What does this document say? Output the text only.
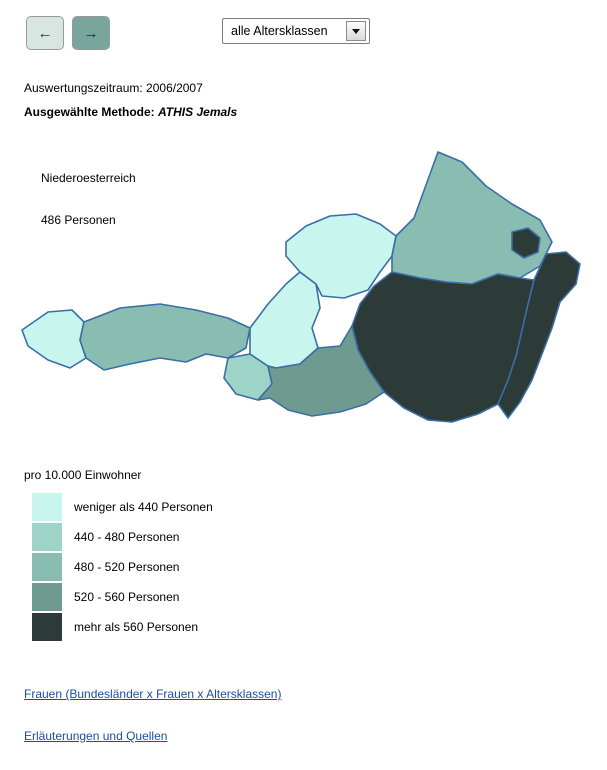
←	→	alle Altersklassen
Auswertungszeitraum: 2006/2007
Ausgewählte Methode: ATHIS Jemals
Niederoesterreich
486 Personen
pro 10.000 Einwohner
weniger als 440 Personen
440 - 480 Personen
480 - 520 Personen
520 - 560 Personen
mehr als 560 Personen
Frauen (Bundesländer x Frauen x Altersklassen)
Erläuterungen und Quellen
